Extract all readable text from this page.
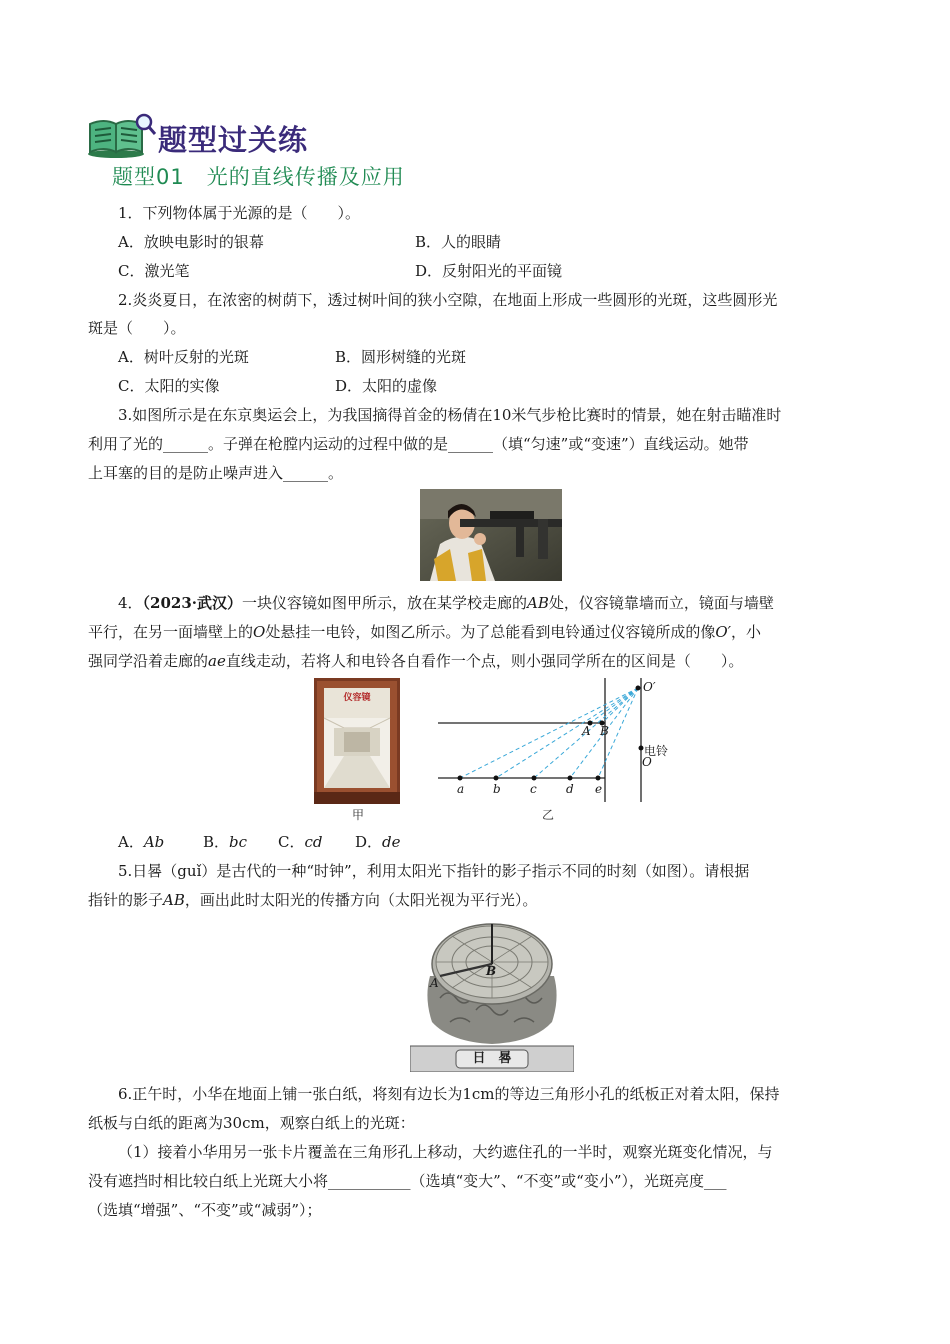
题型过关练
题型01　光的直线传播及应用
1．下列物体属于光源的是（　　）。
A．放映电影时的银幕	B．人的眼睛
C．激光笔	D．反射阳光的平面镜
2.炎炎夏日，在浓密的树荫下，透过树叶间的狭小空隙，在地面上形成一些圆形的光斑，这些圆形光
斑是（　　）。
A．树叶反射的光斑	B．圆形树缝的光斑
C．太阳的实像	D．太阳的虚像
3.如图所示是在东京奥运会上，为我国摘得首金的杨倩在10米气步枪比赛时的情景，她在射击瞄准时
利用了光的______。子弹在枪膛内运动的过程中做的是______（填“匀速”或“变速”）直线运动。她带
上耳塞的目的是防止噪声进入______。
4．（2023·武汉）一块仪容镜如图甲所示，放在某学校走廊的AB处，仪容镜靠墙而立，镜面与墙壁
平行，在另一面墙壁上的O处悬挂一电铃，如图乙所示。为了总能看到电铃通过仪容镜所成的像O′，小
强同学沿着走廊的ae直线走动，若将人和电铃各自看作一个点，则小强同学所在的区间是（　　）。
仪容镜
甲
O′
A B
电铃
O
a b c d e
乙
A．Ab	B．bc C．cd D．de
5.日晷（guǐ）是古代的一种“时钟”，利用太阳光下指针的影子指示不同的时刻（如图）。请根据
指针的影子AB，画出此时太阳光的传播方向（太阳光视为平行光）。
A
B
日　晷
6.正午时，小华在地面上铺一张白纸，将刻有边长为1cm的等边三角形小孔的纸板正对着太阳，保持
纸板与白纸的距离为30cm，观察白纸上的光斑：
（1）接着小华用另一张卡片覆盖在三角形孔上移动，大约遮住孔的一半时，观察光斑变化情况，与
没有遮挡时相比较白纸上光斑大小将___________（选填“变大”、“不变”或“变小”），光斑亮度___
（选填“增强”、“不变”或“减弱”）；
